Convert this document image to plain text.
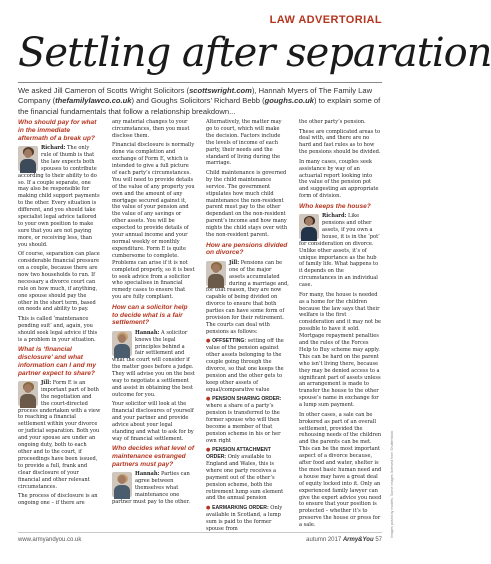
LAW ADVERTORIAL
Settling after separation

We asked Jill Cameron of Scotts Wright Solicitors (scottswright.com), Hannah Myers of The Family Law Company (thefamilylawco.co.uk) and Goughs Solicitors’ Richard Bebb (goughs.co.uk) to explain some of the financial fundamentals that follow a relationship breakdown...

Who should pay for what in the immediate aftermath of a break up?

Richard: The only rule of thumb is that the law expects both spouses to contribute according to their ability to do so. If a couple separate, one may also be responsible for making child support payments to the other. Every situation is different, and you should take specialist legal advice tailored to your own position to make sure that you are not paying more, or receiving less, than you should.

Of course, separation can place considerable financial pressure on a couple, because there are now two households to run. If necessary a divorce court can rule on how much, if anything, one spouse should pay the other in the short term, based on needs and ability to pay.

This is called ‘maintenance pending suit’ and, again, you should seek legal advice if this is a problem in your situation.

What is ‘financial disclosure’ and what information can I and my partner expect to share?

Jill: Form E is an important part of both the negotiation and the court-directed process undertaken with a view to reaching a financial settlement within your divorce or judicial separation. Both you and your spouse are under an ongoing duty, both to each other and to the court, if proceedings have been issued, to provide a full, frank and clear disclosure of your financial and other relevant circumstances.

The process of disclosure is an ongoing one – if there are

any material changes to your circumstances, then you must disclose them.

Financial disclosure is normally done via completion and exchange of Form E, which is intended to give a full picture of each party’s circumstances. You will need to provide details of the value of any property you own and the amount of any mortgage secured against it, the value of your pension and the value of any savings or other assets. You will be expected to provide details of your annual income and your normal weekly or monthly expenditure. Form E is quite cumbersome to complete. Problems can arise if it is not completed properly, so it is best to seek advice from a solicitor who specialises in financial remedy cases to ensure that you are fully compliant.

How can a solicitor help to decide what is a fair settlement?

Hannah: A solicitor knows the legal principles behind a fair settlement and what the court will consider if the matter goes before a judge. They will advise you on the best way to negotiate a settlement and assist in obtaining the best outcome for you.

Your solicitor will look at the financial disclosures of yourself and your partner and provide advice about your legal standing and what to ask for by way of financial settlement.

Who decides what level of maintenance estranged partners must pay?

Hannah: Parties can agree between themselves what maintenance one partner must pay to the other.

Alternatively, the matter may go to court, which will make the decision. Factors include the levels of income of each party, their needs and the standard of living during the marriage.

Child maintenance is governed by the child maintenance service. The government stipulates how much child maintenance the non-resident parent must pay to the other dependant on the non-resident parent’s income and how many nights the child stays over with the non-resident parent.

How are pensions divided on divorce?

Jill: Pensions can be one of the major assets accumulated during a marriage and, for that reason, they are now capable of being divided on divorce to ensure that both parties can have some form of provision for their retirement. The courts can deal with pensions as follows:

● OFFSETTING: setting off the value of the pension against other assets belonging to the couple going through the divorce, so that one keeps the pension and the other gets to keep other assets of equal/comparative value

● PENSION SHARING ORDER: where a share of a party’s pension is transferred to the former spouse who will then become a member of that pension scheme in his or her own right

● PENSION ATTACHMENT ORDER: Only available to England and Wales, this is where one party receives a payment out of the other’s pension scheme, both the retirement lump sum element and the annual pension

● EARMARKING ORDER: Only available in Scotland, a lump sum is paid to the former spouse from

the other party’s pension.

These are complicated areas to deal with, and there are no hard and fast rules as to how the pensions should be divided.

In many cases, couples seek assistance by way of an actuarial report looking into the value of the pension pot and suggesting an appropriate form of division.

Who keeps the house?

Richard: Like pensions and other assets, if you own a house, it is in the ‘pot’ for consideration on divorce. Unlike other assets, it’s of unique importance as the hub of family life. What happens to it depends on the circumstances in an individual case.

For many, the house is needed as a home for the children because the law says that their welfare is the first consideration and it may not be possible to have it sold. Mortgage repayment penalties and the rules of the Forces Help to Buy scheme may apply. This can be hard on the parent who isn’t living there, because they may be denied access to a significant part of assets unless an arrangement is made to transfer the house to the other spouse’s name in exchange for a lump sum payment.

In other cases, a sale can be brokered as part of an overall settlement, provided the rehousing needs of the children and the parents can be met. This can be the most important aspect of a divorce because, after food and water, shelter is the most basic human need and a house may have a great deal of equity locked into it. Only an experienced family lawyer can give the expert advice you need to ensure that your position is protected – whether it’s to preserve the house or press for a sale.	Images posed by models. Some images licensed from Shutterstock
www.armyandyou.co.uk	autumn 2017 Army&You 57
